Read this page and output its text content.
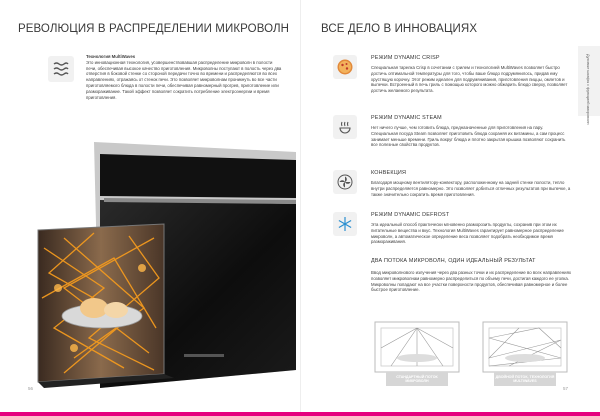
РЕВОЛЮЦИЯ В РАСПРЕДЕЛЕНИИ МИКРОВОЛН
Технология MultiWaves
Это инновационная технология, усовершенствовавшая распределение микроволн в полости печи, обеспечивая высокое качество приготовления. Микроволны поступают в полость через два отверстия в боковой стенке со стороной передачи точно во времени и распределяются во всех направлениях, отражаясь от стенок печи. Это позволяет микроволнам проникнуть во все части приготовляемого блюда в полости печи, обеспечивая равномерный прогрев, приготовление или размораживание. Такой эффект позволяет сократить потребление электроэнергии и время приготовления.
56
ВСЕ ДЕЛО В ИННОВАЦИЯХ
Духовые шкафы с функцией микроволн
РЕЖИМ DYNAMIC CRISP
Специальная тарелка Crisp в сочетании с грилем и технологией MultiWaves позволяет быстро достичь оптимальной температуры для того, чтобы ваше блюдо подрумянилось, придав ему хрустящую корочку. Этот режим идеален для подрумянивания, приготовления пиццы, омлетов и выпечки. Встроенный в печь гриль с помощью которого можно обжарить блюдо сверху, позволяет достичь желаемого результата.
РЕЖИМ DYNAMIC STEAM
Нет ничего лучше, чем готовить блюда, предназначенные для приготовления на пару. Специальная посуда Steam позволяет приготовить блюда сохраняя их витамины, а сам процесс занимает меньше времени. Гриль вокруг блюда и плотно закрытая крышка позволяют сохранить все полезные свойства продуктов.
КОНВЕКЦИЯ
Благодаря мощному вентилятору-конвектору, расположенному на задней стенке полости, тепло внутри распределяется равномерно. Это позволяет добиться отличных результатов при выпечке, а также значительно сократить время приготовления.
РЕЖИМ DYNAMIC DEFROST
Эта идеальный способ практически мгновенно разморозить продукты, сохранив при этом их питательные вещества и вкус. Технология MultiWaves гарантирует равномерное распределение микроволн, а автоматическое определение веса позволяет подобрать необходимое время размораживания.
ДВА ПОТОКА МИКРОВОЛН, ОДИН ИДЕАЛЬНЫЙ РЕЗУЛЬТАТ
Ввод микроволнового излучения через два разных точки и их распределение во всех направлениях позволяет микроволнам равномерно распределиться по объему печи, достигая каждого ее уголка. Микроволны попадают на все участки поверхности продуктов, обеспечивая равномерное и более быстрое приготовление.
СТАНДАРТНЫЙ ПОТОК МИКРОВОЛН
ДВОЙНОЙ ПОТОК, ТЕХНОЛОГИЯ MULTIWAVES
57
